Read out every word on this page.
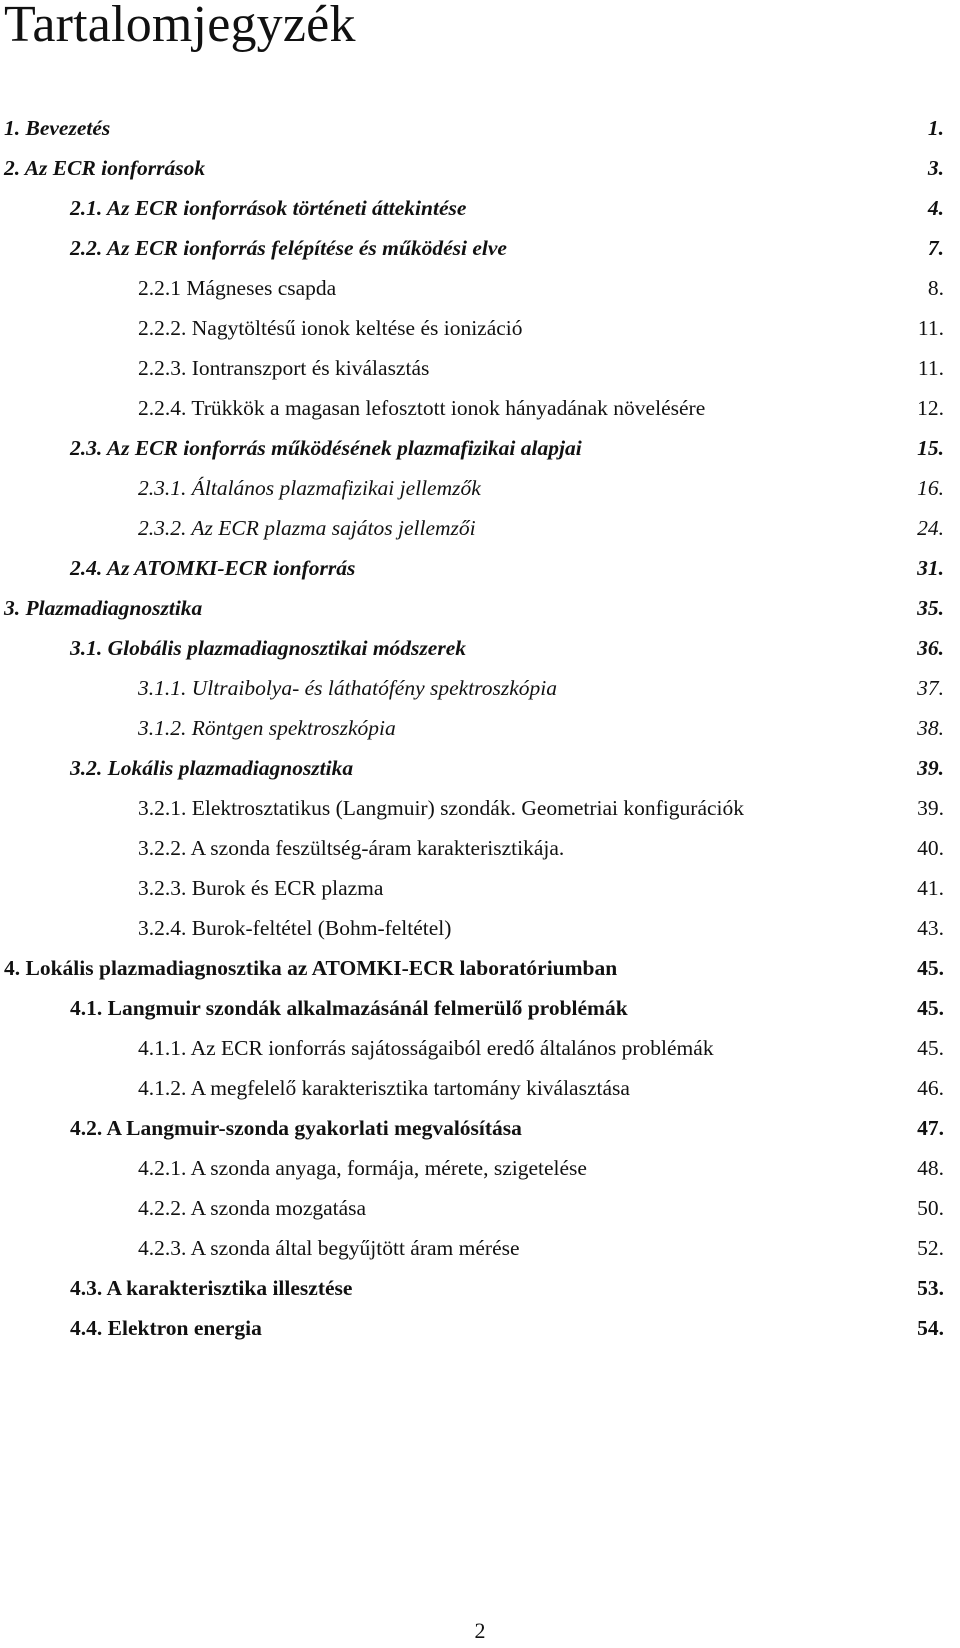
Tartalomjegyzék
1. Bevezetés	1.
2. Az ECR ionforrások	3.
2.1. Az ECR ionforrások történeti áttekintése	4.
2.2. Az ECR ionforrás felépítése és működési elve	7.
2.2.1 Mágneses csapda	8.
2.2.2. Nagytöltésű ionok keltése és ionizáció	11.
2.2.3. Iontranszport és kiválasztás	11.
2.2.4. Trükkök a magasan lefosztott ionok hányadának növelésére	12.
2.3. Az ECR ionforrás működésének plazmafizikai alapjai	15.
2.3.1. Általános plazmafizikai jellemzők	16.
2.3.2. Az ECR plazma sajátos jellemzői	24.
2.4. Az ATOMKI-ECR ionforrás	31.
3. Plazmadiagnosztika	35.
3.1. Globális plazmadiagnosztikai módszerek	36.
3.1.1. Ultraibolya- és láthatófény spektroszkópia	37.
3.1.2. Röntgen spektroszkópia	38.
3.2. Lokális plazmadiagnosztika	39.
3.2.1. Elektrosztatikus (Langmuir) szondák. Geometriai konfigurációk	39.
3.2.2. A szonda feszültség-áram karakterisztikája.	40.
3.2.3. Burok és ECR plazma	41.
3.2.4. Burok-feltétel (Bohm-feltétel)	43.
4. Lokális plazmadiagnosztika az ATOMKI-ECR laboratóriumban	45.
4.1. Langmuir szondák alkalmazásánál felmerülő problémák	45.
4.1.1. Az ECR ionforrás sajátosságaiból eredő általános problémák	45.
4.1.2. A megfelelő karakterisztika tartomány kiválasztása	46.
4.2. A Langmuir-szonda gyakorlati megvalósítása	47.
4.2.1. A szonda anyaga, formája, mérete, szigetelése	48.
4.2.2. A szonda mozgatása	50.
4.2.3. A szonda által begyűjtött áram mérése	52.
4.3. A karakterisztika illesztése	53.
4.4. Elektron energia	54.
2
